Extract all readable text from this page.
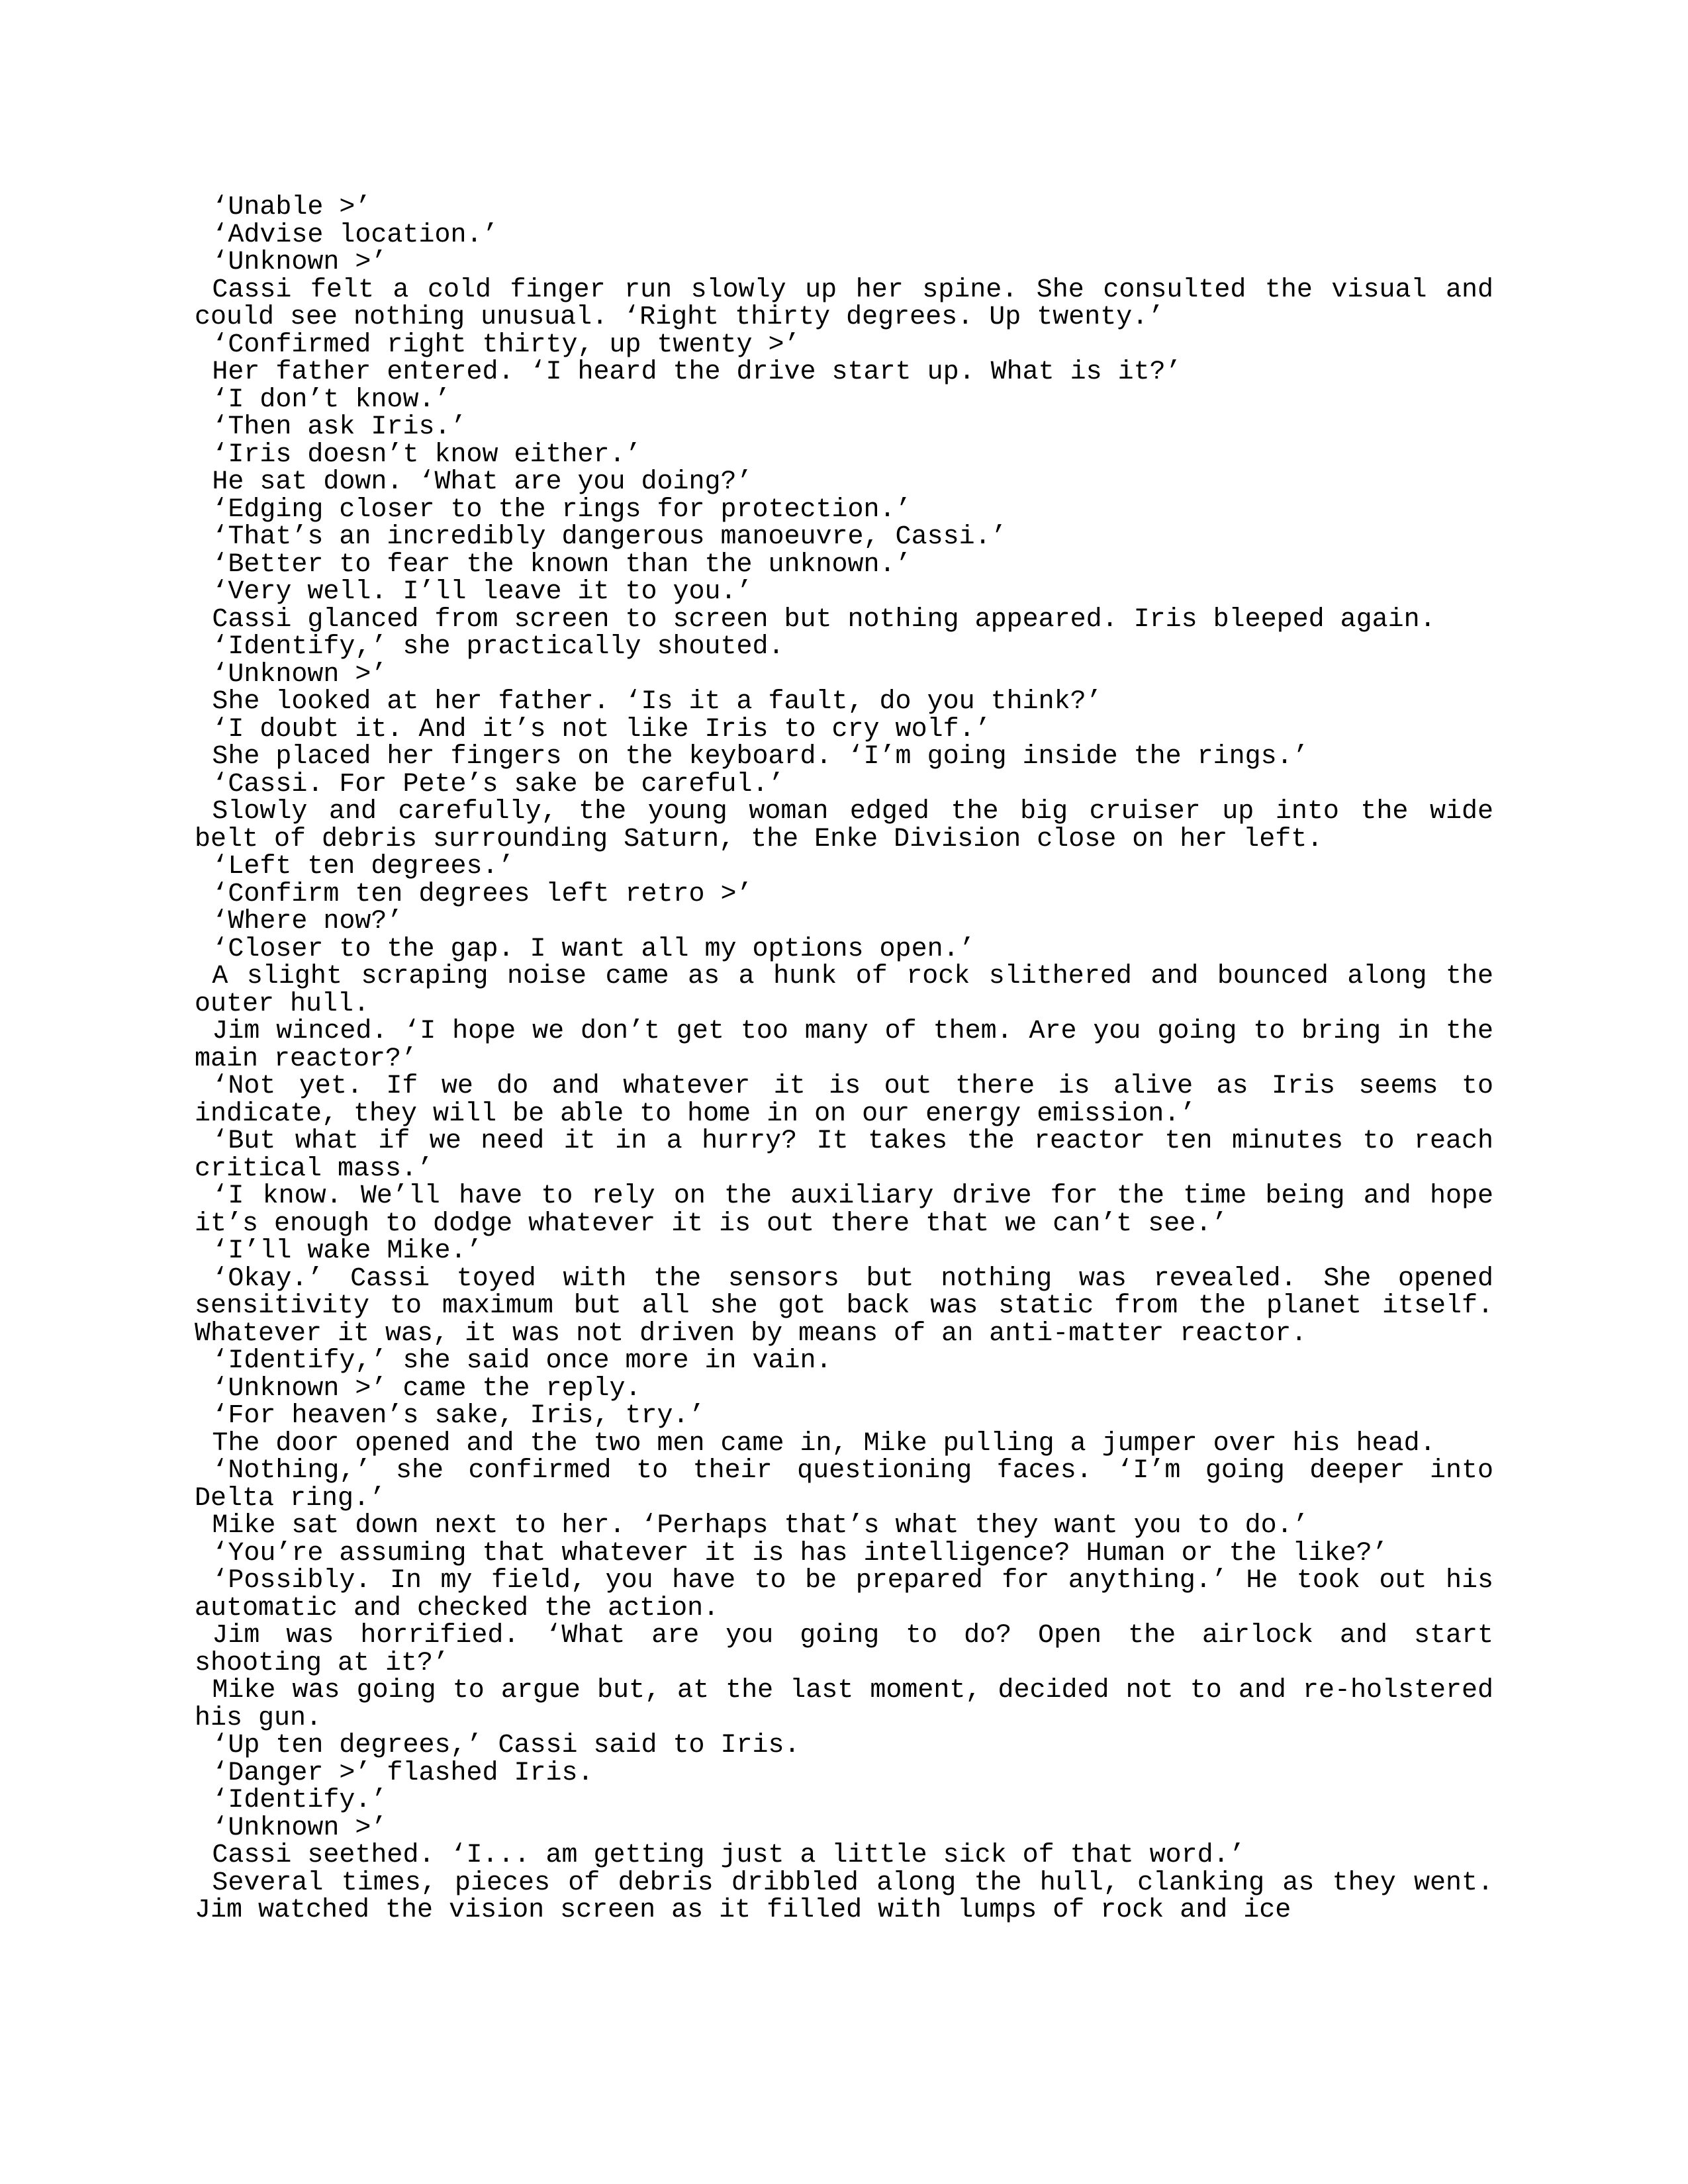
‘Unable >’

‘Advise location.’

‘Unknown >’

Cassi felt a cold finger run slowly up her spine. She consulted the visual and could see nothing unusual. ‘Right thirty degrees. Up twenty.’

‘Confirmed right thirty, up twenty >’

Her father entered. ‘I heard the drive start up. What is it?’

‘I don’t know.’

‘Then ask Iris.’

‘Iris doesn’t know either.’

He sat down. ‘What are you doing?’

‘Edging closer to the rings for protection.’

‘That’s an incredibly dangerous manoeuvre, Cassi.’

‘Better to fear the known than the unknown.’

‘Very well. I’ll leave it to you.’

Cassi glanced from screen to screen but nothing appeared. Iris bleeped again.

‘Identify,’ she practically shouted.

‘Unknown >’

She looked at her father. ‘Is it a fault, do you think?’

‘I doubt it. And it’s not like Iris to cry wolf.’

She placed her fingers on the keyboard. ‘I’m going inside the rings.’

‘Cassi. For Pete’s sake be careful.’

Slowly and carefully, the young woman edged the big cruiser up into the wide belt of debris surrounding Saturn, the Enke Division close on her left.

‘Left ten degrees.’

‘Confirm ten degrees left retro >’

‘Where now?’

‘Closer to the gap. I want all my options open.’

A slight scraping noise came as a hunk of rock slithered and bounced along the outer hull.

Jim winced. ‘I hope we don’t get too many of them. Are you going to bring in the main reactor?’

‘Not yet. If we do and whatever it is out there is alive as Iris seems to indicate, they will be able to home in on our energy emission.’

‘But what if we need it in a hurry? It takes the reactor ten minutes to reach critical mass.’

‘I know. We’ll have to rely on the auxiliary drive for the time being and hope it’s enough to dodge whatever it is out there that we can’t see.’

‘I’ll wake Mike.’

‘Okay.’ Cassi toyed with the sensors but nothing was revealed. She opened sensitivity to maximum but all she got back was static from the planet itself. Whatever it was, it was not driven by means of an anti-matter reactor.

‘Identify,’ she said once more in vain.

‘Unknown >’ came the reply.

‘For heaven’s sake, Iris, try.’

The door opened and the two men came in, Mike pulling a jumper over his head.

‘Nothing,’ she confirmed to their questioning faces. ‘I’m going deeper into Delta ring.’

Mike sat down next to her. ‘Perhaps that’s what they want you to do.’

‘You’re assuming that whatever it is has intelligence? Human or the like?’

‘Possibly. In my field, you have to be prepared for anything.’ He took out his automatic and checked the action.

Jim was horrified. ‘What are you going to do? Open the airlock and start shooting at it?’

Mike was going to argue but, at the last moment, decided not to and re-holstered his gun.

‘Up ten degrees,’ Cassi said to Iris.

‘Danger >’ flashed Iris.

‘Identify.’

‘Unknown >’

Cassi seethed. ‘I... am getting just a little sick of that word.’

Several times, pieces of debris dribbled along the hull, clanking as they went. Jim watched the vision screen as it filled with lumps of rock and ice
